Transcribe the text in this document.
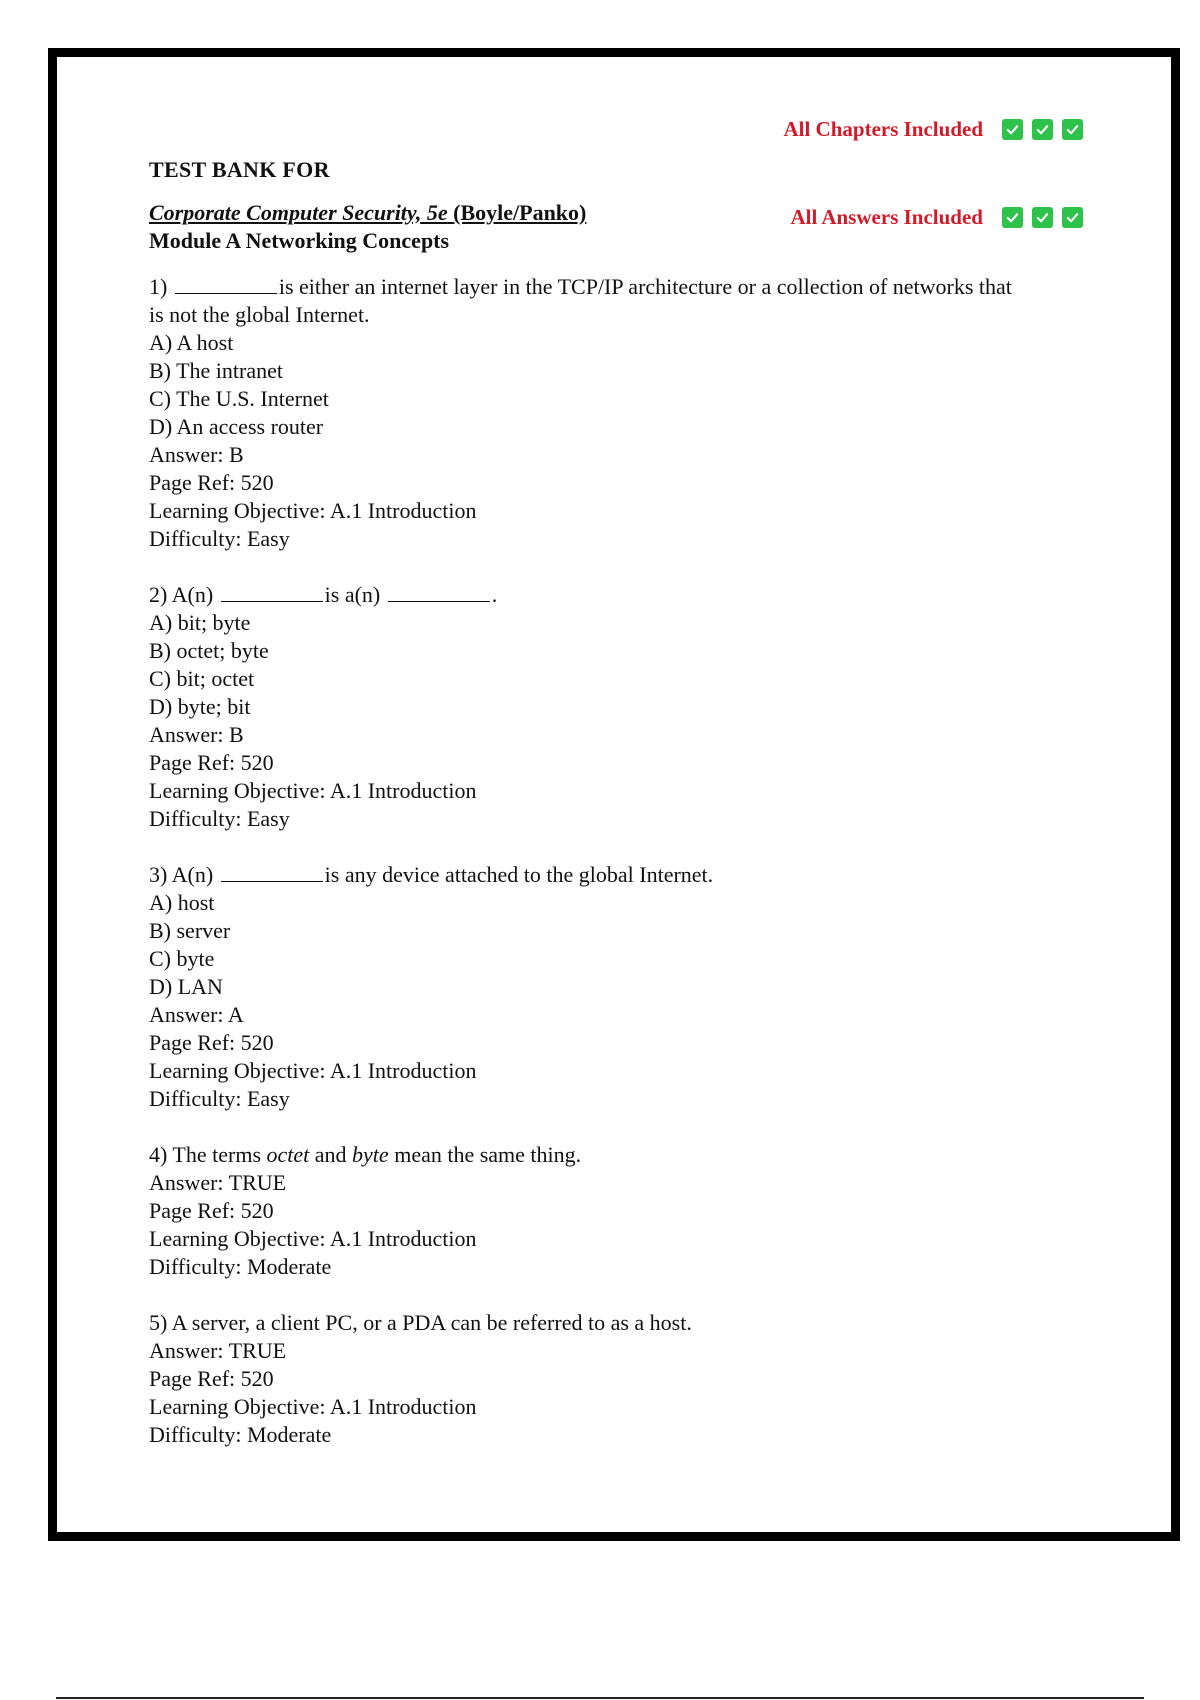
All Chapters Included
All Answers Included
TEST BANK FOR
Corporate Computer Security, 5e (Boyle/Panko)
Module A Networking Concepts
1)	is either an internet layer in the TCP/IP architecture or a collection of networks that
is not the global Internet.
A) A host
B) The intranet
C) The U.S. Internet
D) An access router
Answer: B
Page Ref: 520
Learning Objective: A.1 Introduction
Difficulty: Easy
2) A(n)	is a(n)	.
A) bit; byte
B) octet; byte
C) bit; octet
D) byte; bit
Answer: B
Page Ref: 520
Learning Objective: A.1 Introduction
Difficulty: Easy
3) A(n)	is any device attached to the global Internet.
A) host
B) server
C) byte
D) LAN
Answer: A
Page Ref: 520
Learning Objective: A.1 Introduction
Difficulty: Easy
4) The terms octet and byte mean the same thing.
Answer: TRUE
Page Ref: 520
Learning Objective: A.1 Introduction
Difficulty: Moderate
5) A server, a client PC, or a PDA can be referred to as a host.
Answer: TRUE
Page Ref: 520
Learning Objective: A.1 Introduction
Difficulty: Moderate
